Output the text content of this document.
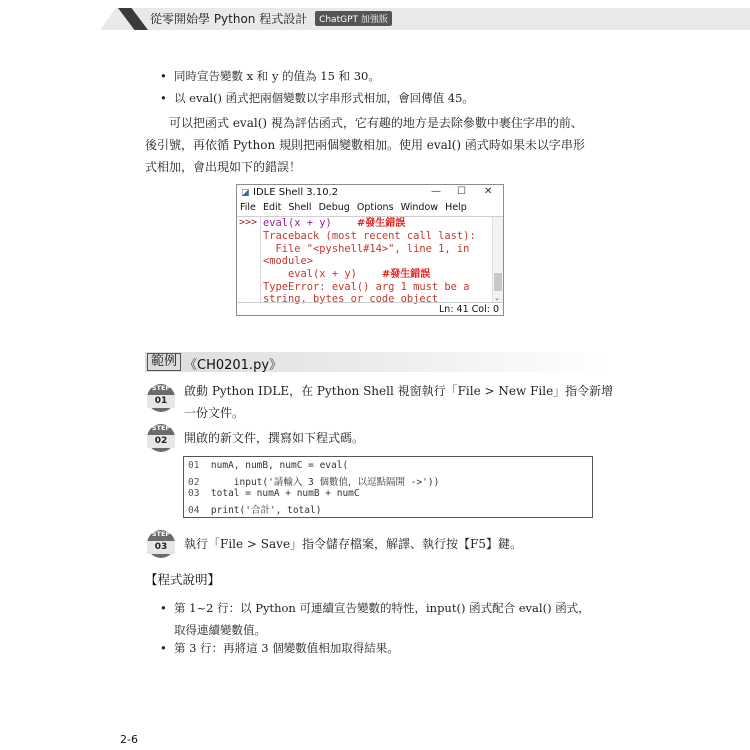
從零開始學 Python 程式設計 ChatGPT 加強版
• 同時宣告變數 x 和 y 的值為 15 和 30。
• 以 eval() 函式把兩個變數以字串形式相加，會回傳值 45。
可以把函式 eval() 視為評估函式，它有趣的地方是去除參數中裹住字串的前、
後引號，再依循 Python 規則把兩個變數相加。使用 eval() 函式時如果未以字串形
式相加，會出現如下的錯誤！
◪ IDLE Shell 3.10.2	— ☐ ✕
File Edit Shell Debug Options Window Help
>>> eval(x + y)	#發生錯誤
Traceback (most recent call last):
File "<pyshell#14>", line 1, in
<module>
eval(x + y)	#發生錯誤
TypeError: eval() arg 1 must be a
string, bytes or code object	⌄
Ln: 41 Col: 0
範例 《CH0201.py》
STEP
01
啟動 Python IDLE，在 Python Shell 視窗執行「File > New File」指令新增
一份文件。
STEP
02	開啟的新文件，撰寫如下程式碼。
01 numA, numB, numC = eval(
02      input('請輸入 3 個數值，以逗點隔開 ->'))
03 total = numA + numB + numC
04 print('合計', total)
STEP
03	執行「File > Save」指令儲存檔案，解譯、執行按【F5】鍵。
【程式說明】
• 第 1~2 行：以 Python 可連續宣告變數的特性，input() 函式配合 eval() 函式，
取得連續變數值。
• 第 3 行：再將這 3 個變數值相加取得結果。
2-6
